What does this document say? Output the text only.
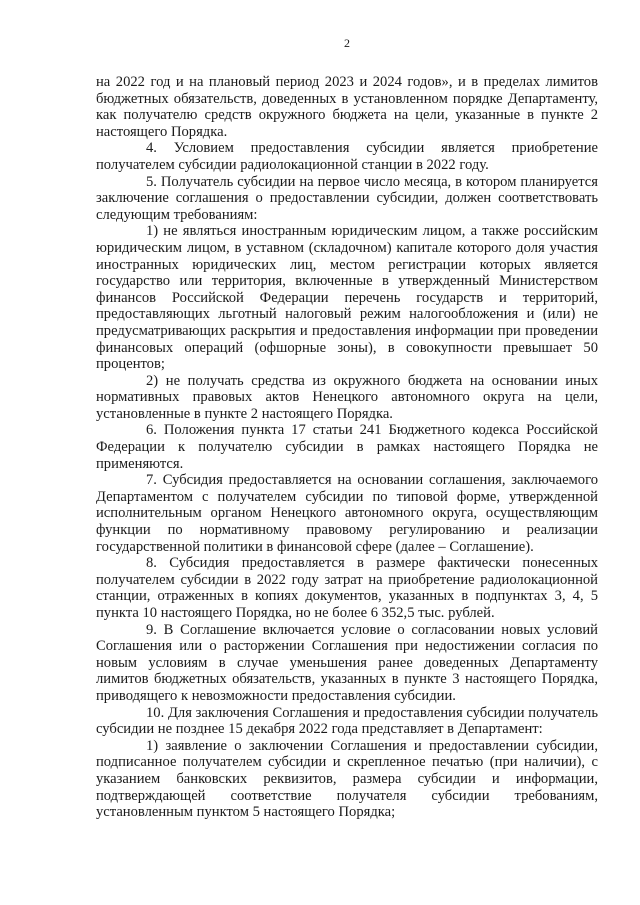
2

на 2022 год и на плановый период 2023 и 2024 годов», и в пределах лимитов бюджетных обязательств, доведенных в установленном порядке Департаменту, как получателю средств окружного бюджета на цели, указанные в пункте 2 настоящего Порядка.

4. Условием предоставления субсидии является приобретение получателем субсидии радиолокационной станции в 2022 году.

5. Получатель субсидии на первое число месяца, в котором планируется заключение соглашения о предоставлении субсидии, должен соответствовать следующим требованиям:

1) не являться иностранным юридическим лицом, а также российским юридическим лицом, в уставном (складочном) капитале которого доля участия иностранных юридических лиц, местом регистрации которых является государство или территория, включенные в утвержденный Министерством финансов Российской Федерации перечень государств и территорий, предоставляющих льготный налоговый режим налогообложения и (или) не предусматривающих раскрытия и предоставления информации при проведении финансовых операций (офшорные зоны), в совокупности превышает 50 процентов;

2) не получать средства из окружного бюджета на основании иных нормативных правовых актов Ненецкого автономного округа на цели, установленные в пункте 2 настоящего Порядка.

6. Положения пункта 17 статьи 241 Бюджетного кодекса Российской Федерации к получателю субсидии в рамках настоящего Порядка не применяются.

7. Субсидия предоставляется на основании соглашения, заключаемого Департаментом с получателем субсидии по типовой форме, утвержденной исполнительным органом Ненецкого автономного округа, осуществляющим функции по нормативному правовому регулированию и реализации государственной политики в финансовой сфере (далее – Соглашение).

8. Субсидия предоставляется в размере фактически понесенных получателем субсидии в 2022 году затрат на приобретение радиолокационной станции, отраженных в копиях документов, указанных в подпунктах 3, 4, 5 пункта 10 настоящего Порядка, но не более 6 352,5 тыс. рублей.

9. В Соглашение включается условие о согласовании новых условий Соглашения или о расторжении Соглашения при недостижении согласия по новым условиям в случае уменьшения ранее доведенных Департаменту лимитов бюджетных обязательств, указанных в пункте 3 настоящего Порядка, приводящего к невозможности предоставления субсидии.

10. Для заключения Соглашения и предоставления субсидии получатель субсидии не позднее 15 декабря 2022 года представляет в Департамент:

1) заявление о заключении Соглашения и предоставлении субсидии, подписанное получателем субсидии и скрепленное печатью (при наличии), с указанием банковских реквизитов, размера субсидии и информации, подтверждающей соответствие получателя субсидии требованиям, установленным пунктом 5 настоящего Порядка;
